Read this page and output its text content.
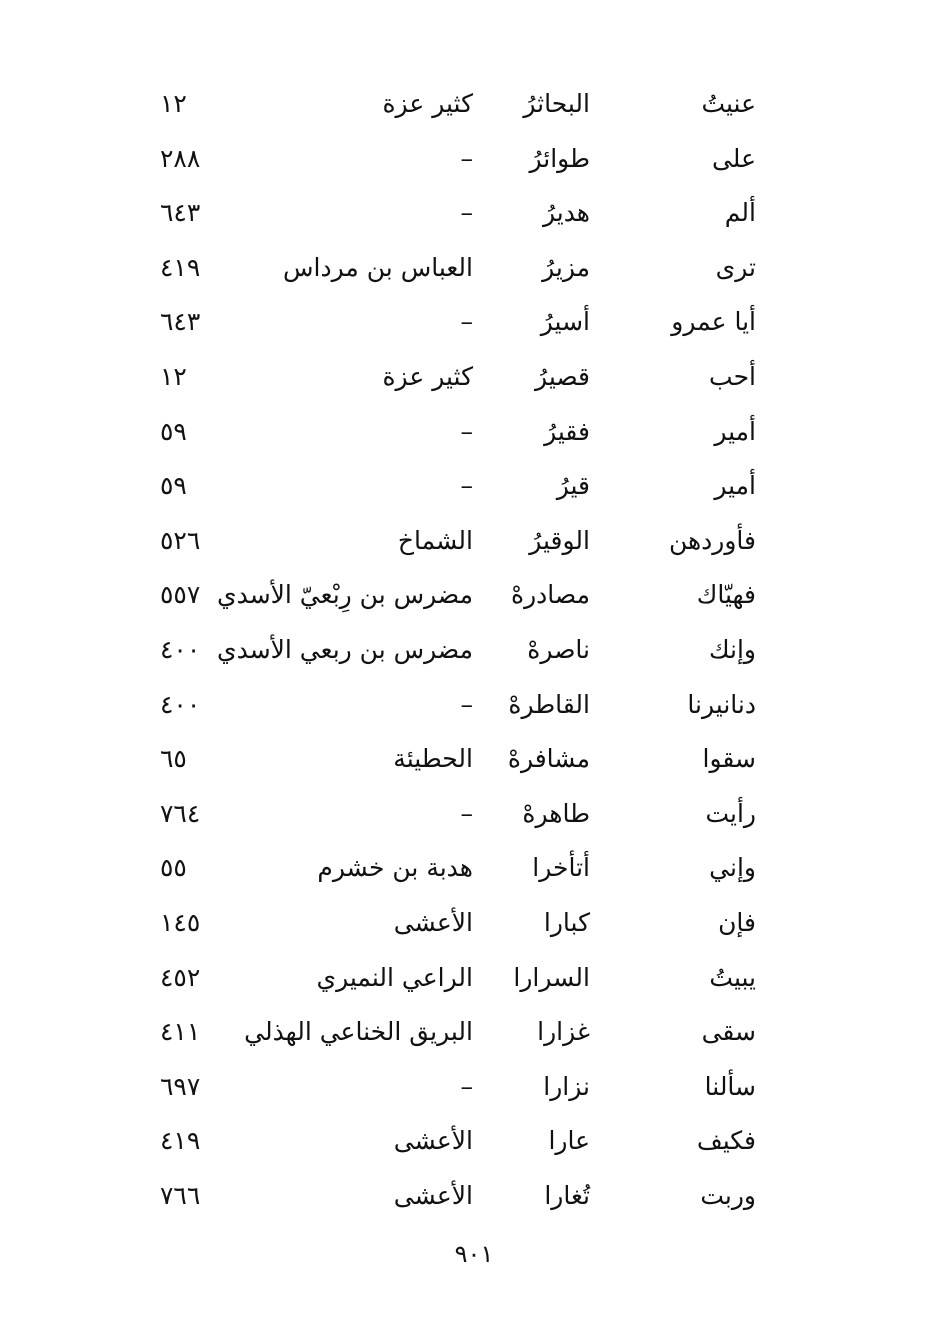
عنيتُ
البحاثرُ
كثير عزة
١٢
على
طوائرُ
–
٢٨٨
ألم
هديرُ
–
٦٤٣
ترى
مزيرُ
العباس بن مرداس
٤١٩
أيا عمرو
أسيرُ
–
٦٤٣
أحب
قصيرُ
كثير عزة
١٢
أمير
فقيرُ
–
٥٩
أمير
قيرُ
–
٥٩
فأوردهن
الوقيرُ
الشماخ
٥٢٦
فهيّاك
مصادرهْ
مضرس بن رِبْعيّ الأسدي
٥٥٧
وإنك
ناصرهْ
مضرس بن ربعي الأسدي
٤٠٠
دنانيرنا
القاطرهْ
–
٤٠٠
سقوا
مشافرهْ
الحطيئة
٦٥
رأيت
طاهرهْ
–
٧٦٤
وإني
أتأخرا
هدبة بن خشرم
٥٥
فإن
كبارا
الأعشى
١٤٥
يبيتُ
السرارا
الراعي النميري
٤٥٢
سقى
غزارا
البريق الخناعي الهذلي
٤١١
سألنا
نزارا
–
٦٩٧
فكيف
عارا
الأعشى
٤١٩
وربت
تُغارا
الأعشى
٧٦٦
٩٠١
